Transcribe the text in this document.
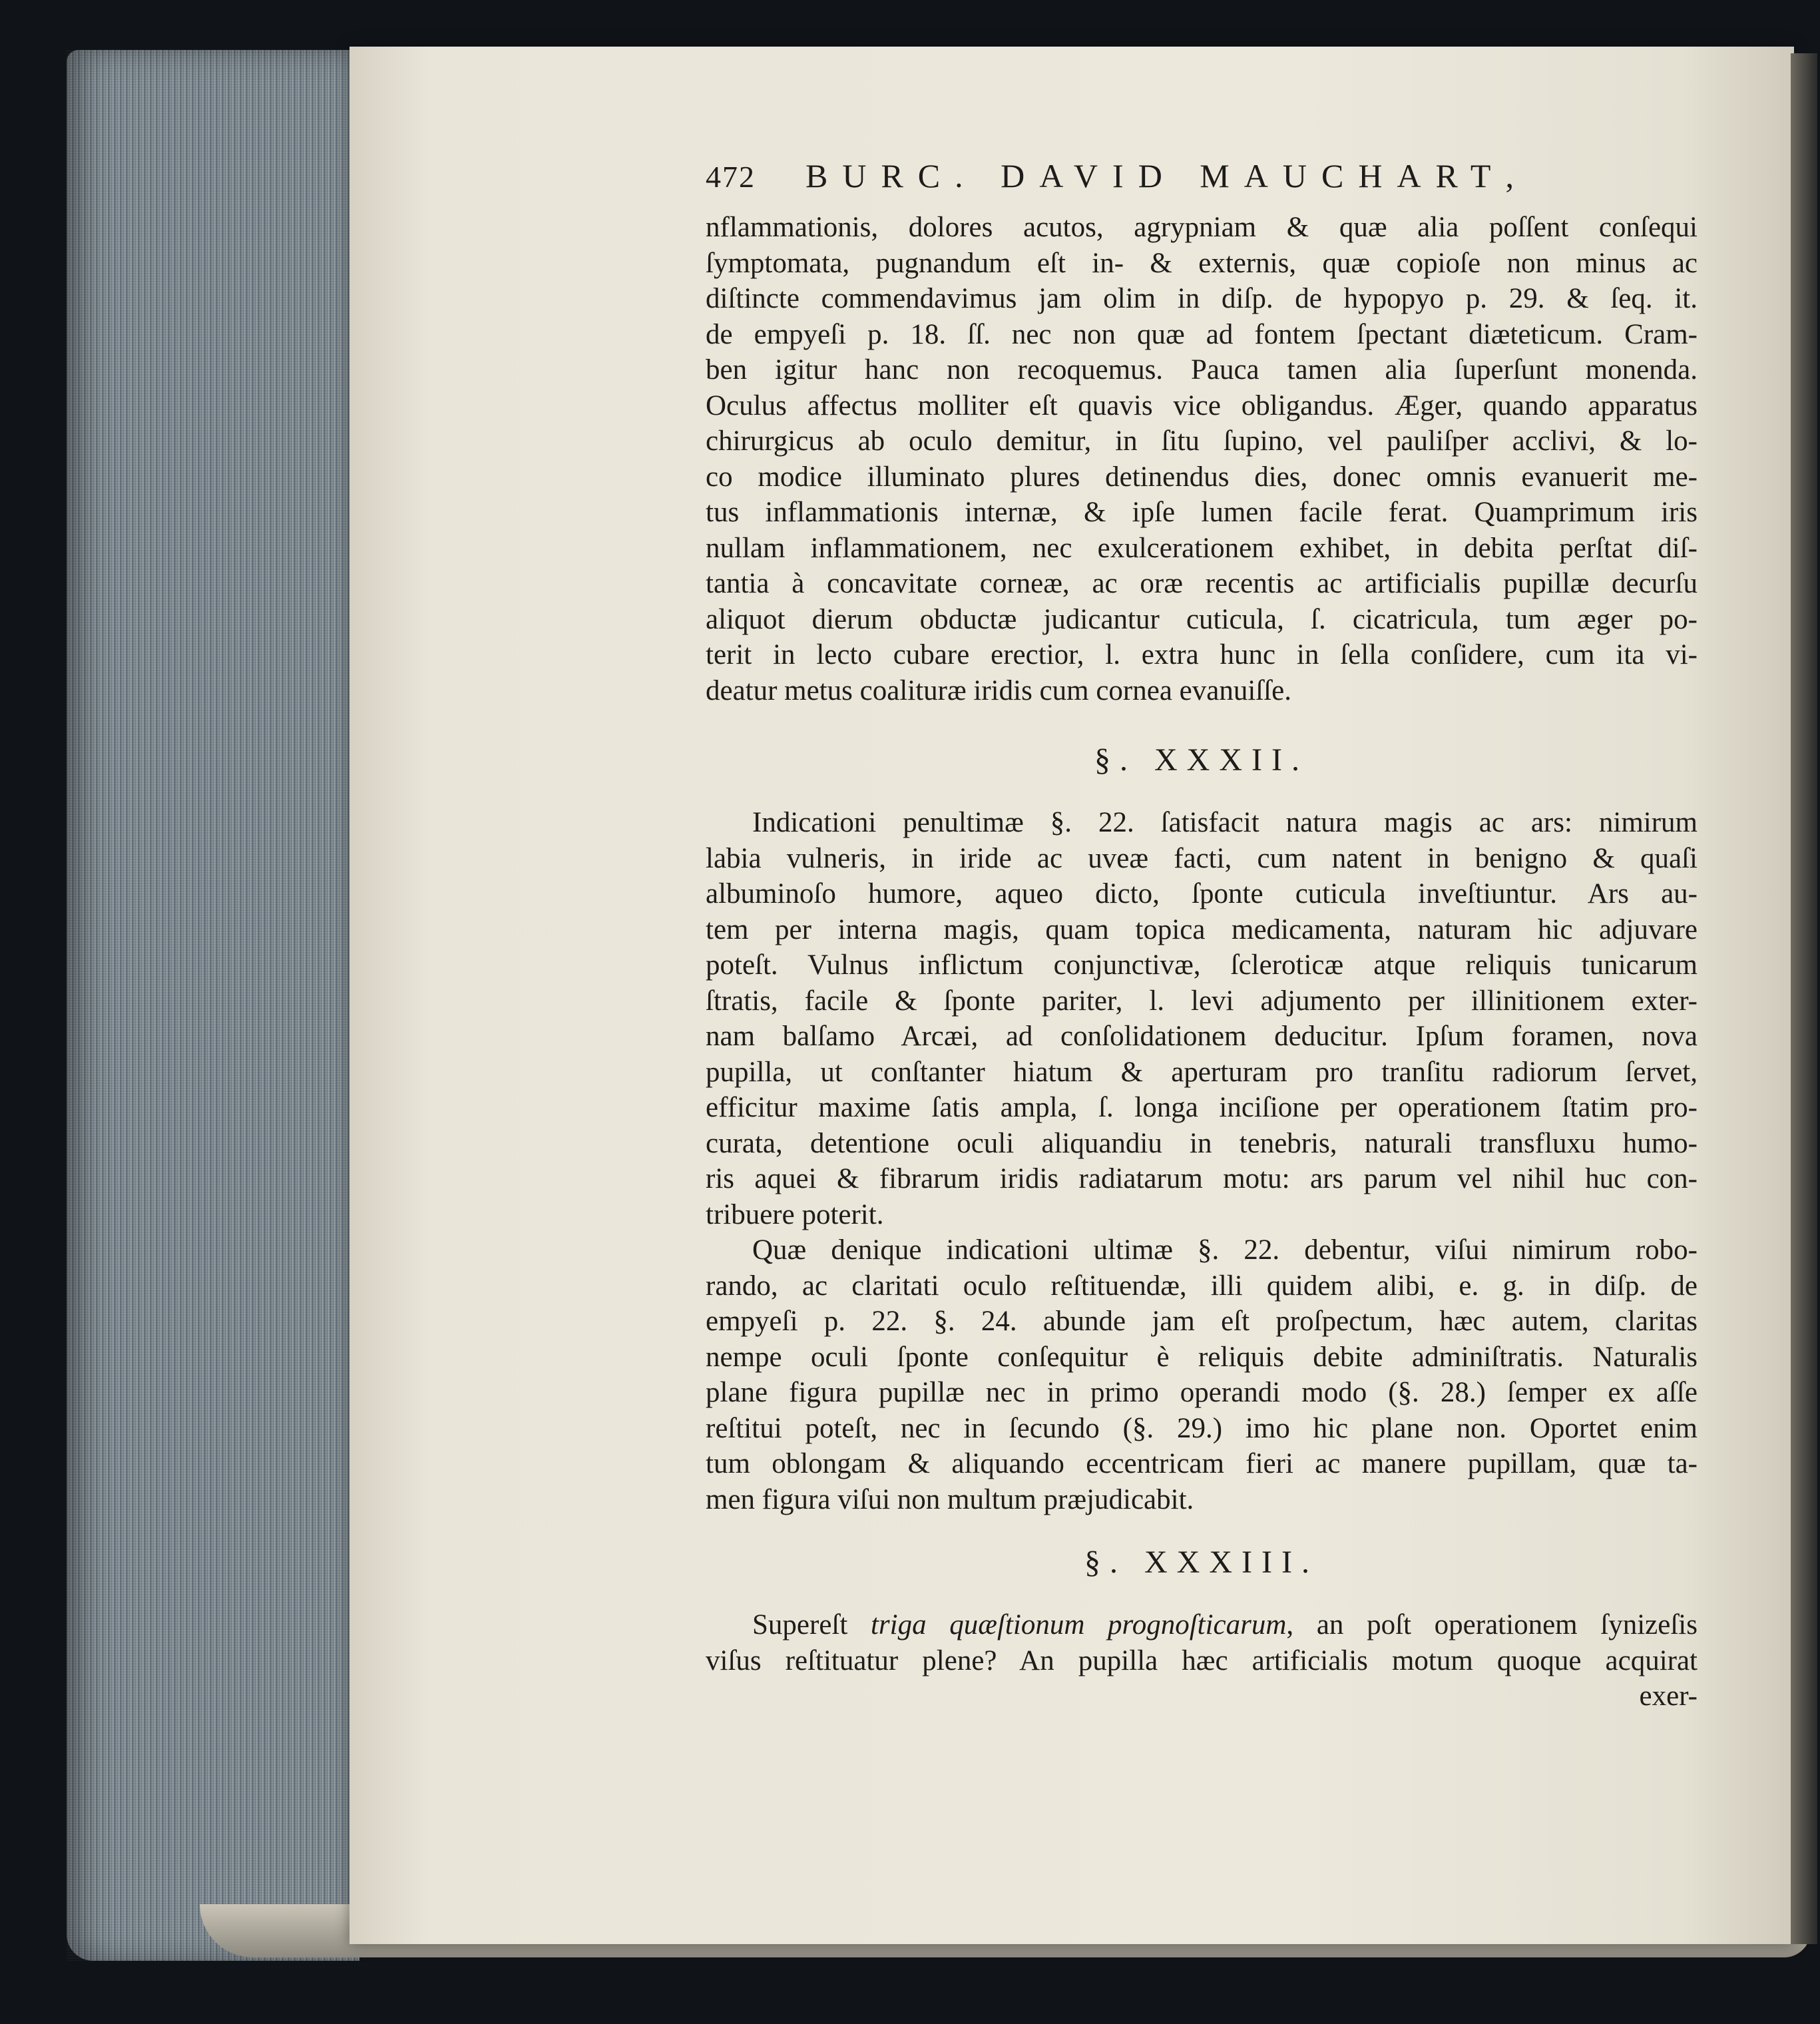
472	BURC. DAVID MAUCHART ,

nflammationis, dolores acutos, agrypniam & quæ alia poſſent conſequi

ſymptomata, pugnandum eſt in- & externis, quæ copioſe non minus ac

diſtincte commendavimus jam olim in diſp. de hypopyo p. 29. & ſeq. it.

de empyeſi p. 18. ſſ. nec non quæ ad fontem ſpectant diæteticum. Cram-

ben igitur hanc non recoquemus. Pauca tamen alia ſuperſunt monenda.

Oculus affectus molliter eſt quavis vice obligandus. Æger, quando apparatus

chirurgicus ab oculo demitur, in ſitu ſupino, vel pauliſper acclivi, & lo-

co modice illuminato plures detinendus dies, donec omnis evanuerit me-

tus inflammationis internæ, & ipſe lumen facile ferat. Quamprimum iris

nullam inflammationem, nec exulcerationem exhibet, in debita perſtat diſ-

tantia à concavitate corneæ, ac oræ recentis ac artificialis pupillæ decurſu

aliquot dierum obductæ judicantur cuticula, ſ. cicatricula, tum æger po-

terit in lecto cubare erectior, l. extra hunc in ſella conſidere, cum ita vi-

deatur metus coalituræ iridis cum cornea evanuiſſe.

§. XXXII.

Indicationi penultimæ §. 22. ſatisfacit natura magis ac ars: nimirum

labia vulneris, in iride ac uveæ facti, cum natent in benigno & quaſi

albuminoſo humore, aqueo dicto, ſponte cuticula inveſtiuntur. Ars au-

tem per interna magis, quam topica medicamenta, naturam hic adjuvare

poteſt. Vulnus inflictum conjunctivæ, ſcleroticæ atque reliquis tunicarum

ſtratis, facile & ſponte pariter, l. levi adjumento per illinitionem exter-

nam balſamo Arcæi, ad conſolidationem deducitur. Ipſum foramen, nova

pupilla, ut conſtanter hiatum & aperturam pro tranſitu radiorum ſervet,

efficitur maxime ſatis ampla, ſ. longa inciſione per operationem ſtatim pro-

curata, detentione oculi aliquandiu in tenebris, naturali transfluxu humo-

ris aquei & fibrarum iridis radiatarum motu: ars parum vel nihil huc con-

tribuere poterit.

Quæ denique indicationi ultimæ §. 22. debentur, viſui nimirum robo-

rando, ac claritati oculo reſtituendæ, illi quidem alibi, e. g. in diſp. de

empyeſi p. 22. §. 24. abunde jam eſt proſpectum, hæc autem, claritas

nempe oculi ſponte conſequitur è reliquis debite adminiſtratis. Naturalis

plane figura pupillæ nec in primo operandi modo (§. 28.) ſemper ex aſſe

reſtitui poteſt, nec in ſecundo (§. 29.) imo hic plane non. Oportet enim

tum oblongam & aliquando eccentricam fieri ac manere pupillam, quæ ta-

men figura viſui non multum præjudicabit.

§. XXXIII.

Supereſt triga quæſtionum prognoſticarum, an poſt operationem ſynizeſis

viſus reſtituatur plene? An pupilla hæc artificialis motum quoque acquirat

exer-
